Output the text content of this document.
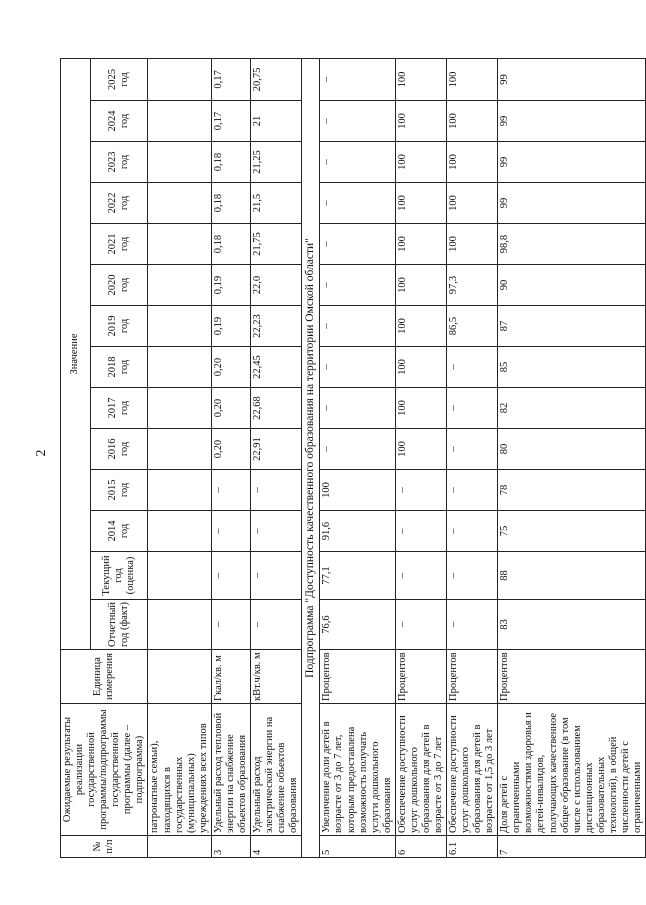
2
№ п/п	Ожидаемые результаты реализации государственной программы/подпрограммы государственной программы (далее – подпрограмма)	Единица измерения	Значение													
			Отчетный год (факт)	Текущий год (оценка)	2014 год	2015 год	2016 год	2017 год	2018 год	2019 год	2020 год	2021 год	2022 год	2023 год	2024 год	2025 год
	патронатные семьи), находящихся в государственных (муниципальных) учреждениях всех типов															
3	Удельный расход тепловой энергии на снабжение объектов образования	Гкал/кв. м	–	–	–	–	0,20	0,20	0,20	0,19	0,19	0,18	0,18	0,18	0,17	0,17
4	Удельный расход электрической энергии на снабжение объектов образования	кВт.ч/кв. м	–	–	–	–	22,91	22,68	22,45	22,23	22,0	21,75	21,5	21,25	21	20,75
Подпрограмма "Доступность качественного образования на территории Омской области"																
5	Увеличение доли детей в возрасте от 3 до 7 лет, которым предоставлена возможность получать услуги дошкольного образования	Процентов	76,6	77,1	91,6	100	–	–	–	–	–	–	–	–	–	–
6	Обеспечение доступности услуг дошкольного образования для детей в возрасте от 3 до 7 лет	Процентов	–	–	–	–	100	100	100	100	100	100	100	100	100	100
6.1	Обеспечение доступности услуг дошкольного образования для детей в возрасте от 1,5 до 3 лет	Процентов	–	–	–	–	–	–	–	86,5	97,3	100	100	100	100	100
7	Доля детей с ограниченными возможностями здоровья и детей-инвалидов, получающих качественное общее образование (в том числе с использованием дистанционных образовательных технологий), в общей численности детей с ограниченными	Процентов	83	88	75	78	80	82	85	87	90	98,8	99	99	99	99
